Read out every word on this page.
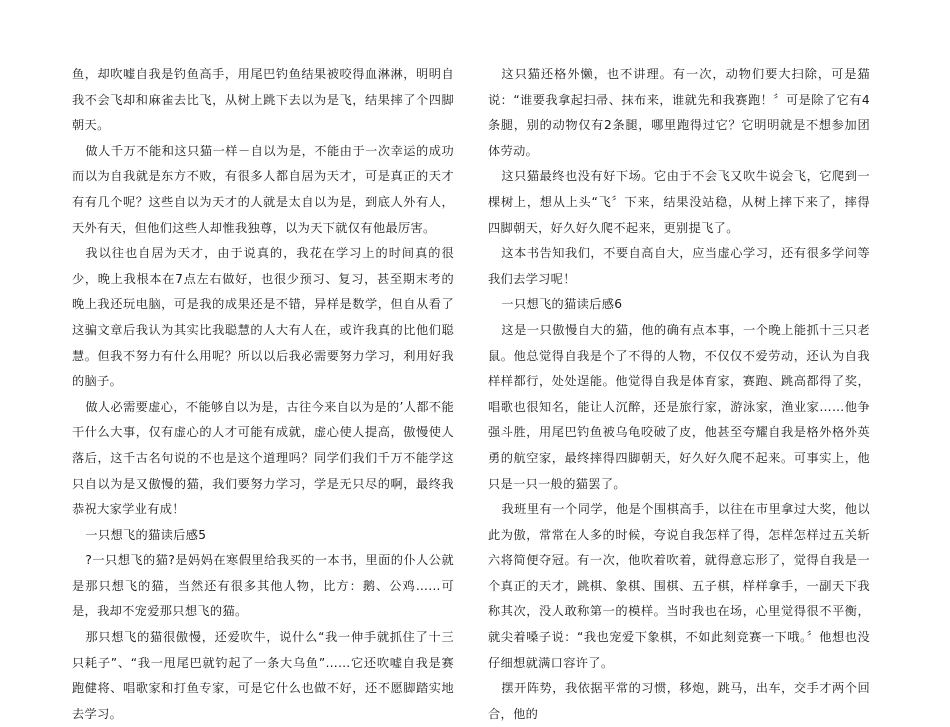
鱼，却吹嘘自我是钓鱼高手，用尾巴钓鱼结果被咬得血淋淋，明明自我不会飞却和麻雀去比飞，从树上跳下去以为是飞，结果摔了个四脚朝天。

做人千万不能和这只猫一样－自以为是，不能由于一次幸运的成功而以为自我就是东方不败，有很多人都自居为天才，可是真正的天才有有几个呢？这些自以为天才的人就是太自以为是，到底人外有人，天外有天，但他们这些人却惟我独尊，以为天下就仅有他最厉害。

我以往也自居为天才，由于说真的，我花在学习上的时间真的很少，晚上我根本在7点左右做好，也很少预习、复习，甚至期末考的晚上我还玩电脑，可是我的成果还是不错，异样是数学，但自从看了这骗文章后我认为其实比我聪慧的人大有人在，或许我真的比他们聪慧。但我不努力有什么用呢？所以以后我必需要努力学习，利用好我的脑子。

做人必需要虚心，不能够自以为是，古往今来自以为是的’人都不能干什么大事，仅有虚心的人才可能有成就，虚心使人提高，傲慢使人落后，这千古名句说的不也是这个道理吗？同学们我们千万不能学这只自以为是又傲慢的猫，我们要努力学习，学是无只尽的啊，最终我恭祝大家学业有成！

一只想飞的猫读后感5

?一只想飞的猫?是妈妈在寒假里给我买的一本书，里面的仆人公就是那只想飞的猫，当然还有很多其他人物，比方：鹅、公鸡……可是，我却不宠爱那只想飞的猫。

那只想飞的猫很傲慢，还爱吹牛，说什么“我一伸手就抓住了十三只耗子”、“我一甩尾巴就钓起了一条大乌鱼”……它还吹嘘自我是赛跑健将、唱歌家和打鱼专家，可是它什么也做不好，还不愿脚踏实地去学习。

这只猫还格外懒，也不讲理。有一次，动物们要大扫除，可是猫说：“谁要我拿起扫帚、抹布来，谁就先和我赛跑！〞可是除了它有4条腿，别的动物仅有2条腿，哪里跑得过它？它明明就是不想参加团体劳动。

这只猫最终也没有好下场。它由于不会飞又吹牛说会飞，它爬到一棵树上，想从上头“飞〞下来，结果没站稳，从树上摔下来了，摔得四脚朝天，好久好久爬不起来，更别提飞了。

这本书告知我们，不要自高自大，应当虚心学习，还有很多学问等我们去学习呢！

一只想飞的猫读后感6

这是一只傲慢自大的猫，他的确有点本事，一个晚上能抓十三只老鼠。他总觉得自我是个了不得的人物，不仅仅不爱劳动，还认为自我样样都行，处处逞能。他觉得自我是体育家，赛跑、跳高都得了奖，唱歌也很知名，能让人沉醉，还是旅行家，游泳家，渔业家……他争强斗胜，用尾巴钓鱼被乌龟咬破了皮，他甚至夸耀自我是格外格外英勇的航空家，最终摔得四脚朝天，好久好久爬不起来。可事实上，他只是一只一般的猫罢了。

我班里有一个同学，他是个围棋高手，以往在市里拿过大奖，他以此为傲，常常在人多的时候，夸说自我怎样了得，怎样怎样过五关斩六将简便夺冠。有一次，他吹着吹着，就得意忘形了，觉得自我是一个真正的天才，跳棋、象棋、围棋、五子棋，样样拿手，一副天下我称其次，没人敢称第一的模样。当时我也在场，心里觉得很不平衡，就尖着嗓子说：“我也宠爱下象棋，不如此刻竞赛一下哦。〞他想也没仔细想就满口容许了。

摆开阵势，我依据平常的习惯，移炮，跳马，出车，交手才两个回合，他的
